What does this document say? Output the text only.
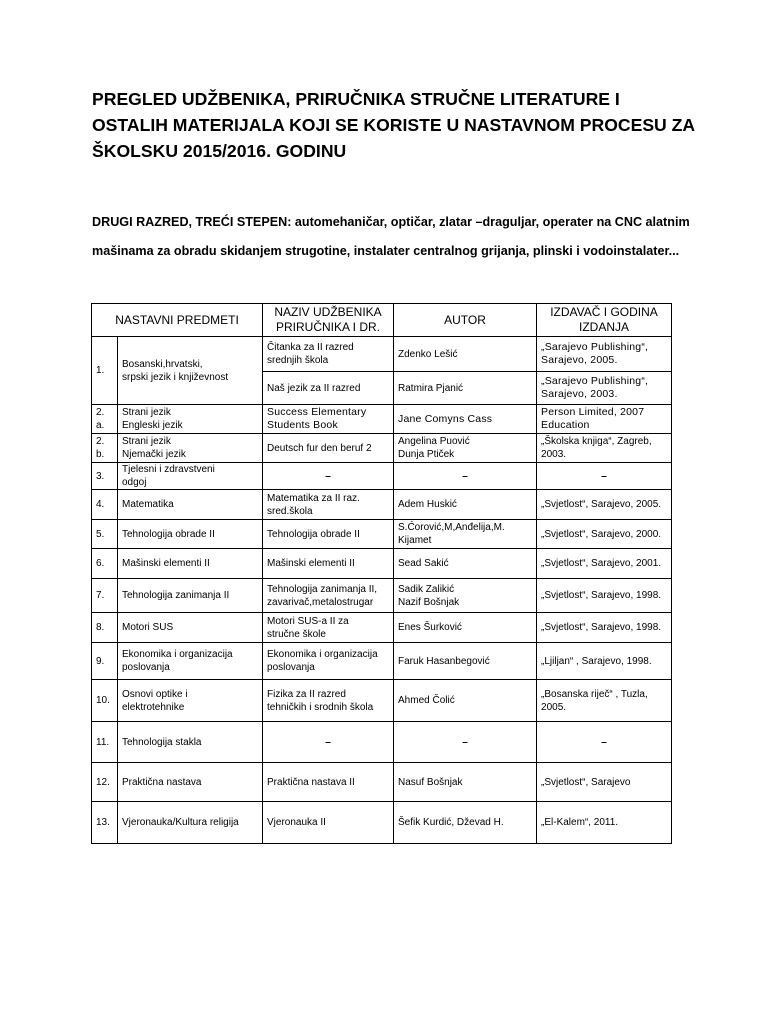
PREGLED UDŽBENIKA, PRIRUČNIKA STRUČNE LITERATURE I
OSTALIH MATERIJALA KOJI SE KORISTE U NASTAVNOM PROCESU ZA
ŠKOLSKU 2015/2016. GODINU
DRUGI RAZRED, TREĆI STEPEN: automehaničar, optičar, zlatar –draguljar, operater na CNC alatnim
mašinama za obradu skidanjem strugotine, instalater centralnog grijanja, plinski i vodoinstalater...
NASTAVNI PREDMETI		NAZIV UDŽBENIKA
PRIRUČNIKA I DR.	AUTOR	IZDAVAČ I GODINA
IZDANJA

1.	Bosanski,hrvatski,
srpski jezik i književnost	Čitanka za II razred
srednjih škola	Zdenko Lešić	„Sarajevo Publishing“,
Sarajevo, 2005.

		Naš jezik za II razred	Ratmira Pjanić	„Sarajevo Publishing“,
Sarajevo, 2003.

2. a.	Strani jezik
Engleski jezik	Success Elementary
Students Book	Jane Comyns Cass	Person Limited, 2007
Education

2. b.	Strani jezik
Njemački jezik	Deutsch fur den beruf 2	Angelina Puović
Dunja Ptiček	„Školska knjiga“, Zagreb,
2003.

3.	Tjelesni i zdravstveni
odgoj	–	–	–
4.	Matematika	Matematika za II raz.
sred.škola	Adem Huskić	„Svjetlost“, Sarajevo, 2005.
5.	Tehnologija obrade II	Tehnologija obrade II	S.Ćorović,M,Anđelija,M.
Kijamet	„Svjetlost“, Sarajevo, 2000.
6.	Mašinski elementi II	Mašinski elementi II	Sead Sakić	„Svjetlost“, Sarajevo, 2001.
7.	Tehnologija zanimanja II	Tehnologija zanimanja II,
zavarivač,metalostrugar	Sadik Zalikić
Nazif Bošnjak	„Svjetlost“, Sarajevo, 1998.
8.	Motori SUS	Motori SUS-a II za
stručne škole	Enes Šurković	„Svjetlost“, Sarajevo, 1998.
9.	Ekonomika i organizacija
poslovanja	Ekonomika i organizacija
poslovanja	Faruk Hasanbegović	„Ljiljan“ , Sarajevo, 1998.
10.	Osnovi optike i
elektrotehnike	Fizika za II razred
tehničkih i srodnih škola	Ahmed Čolić	„Bosanska riječ“ , Tuzla,
2005.

11.	Tehnologija stakla	–	–	–
12.	Praktična nastava	Praktična nastava II	Nasuf Bošnjak	„Svjetlost“, Sarajevo
13.	Vjeronauka/Kultura religija	Vjeronauka II	Šefik Kurdić, Dževad H.	„El-Kalem“, 2011.
